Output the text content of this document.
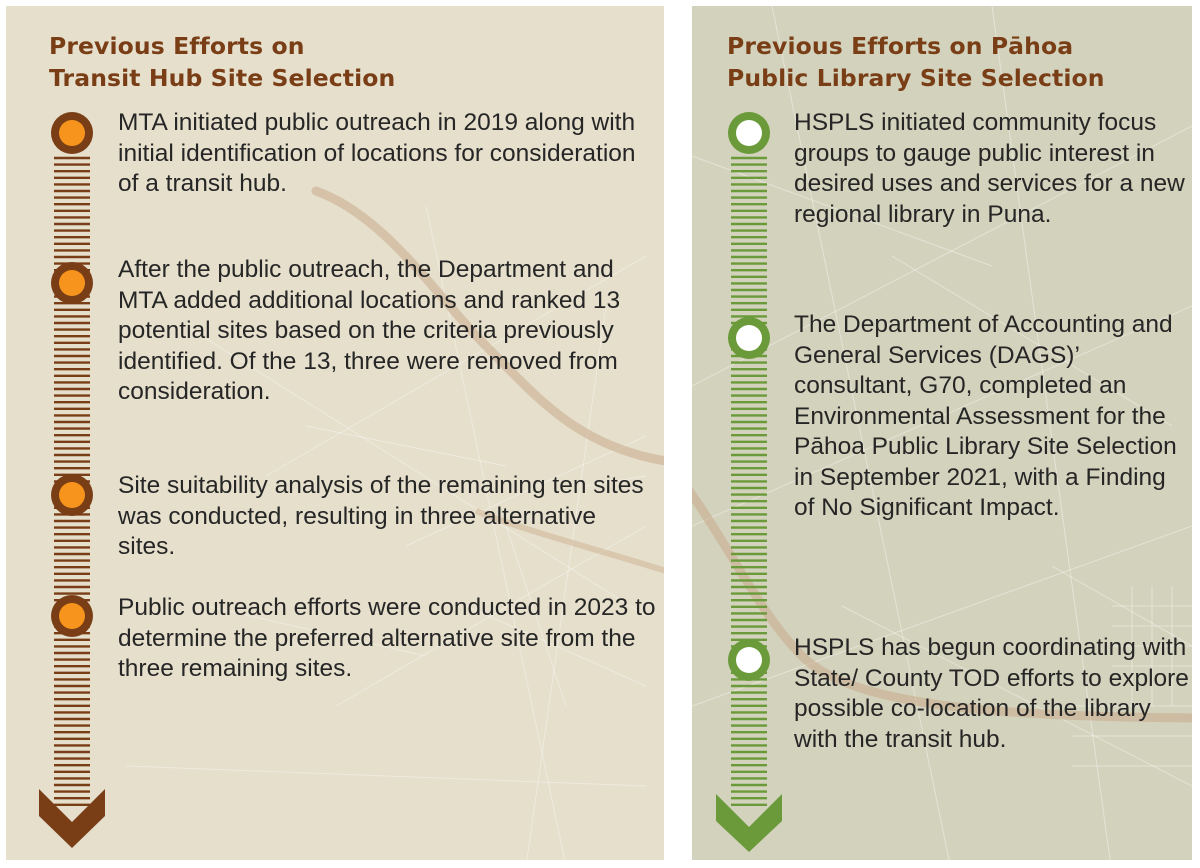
Previous Efforts on
Transit Hub Site Selection

MTA initiated public outreach in 2019 along with initial identification of locations for consideration of a transit hub.

After the public outreach, the Department and MTA added additional locations and ranked 13 potential sites based on the criteria previously identified. Of the 13, three were removed from consideration.

Site suitability analysis of the remaining ten sites was conducted, resulting in three alternative sites.

Public outreach efforts were conducted in 2023 to determine the preferred alternative site from the three remaining sites.

Previous Efforts on Pāhoa
Public Library Site Selection

HSPLS initiated community focus groups to gauge public interest in desired uses and services for a new regional library in Puna.

The Department of Accounting and General Services (DAGS)’ consultant, G70, completed an Environmental Assessment for the Pāhoa Public Library Site Selection in September 2021, with a Finding of No Significant Impact.

HSPLS has begun coordinating with State/ County TOD efforts to explore possible co-location of the library with the transit hub.
